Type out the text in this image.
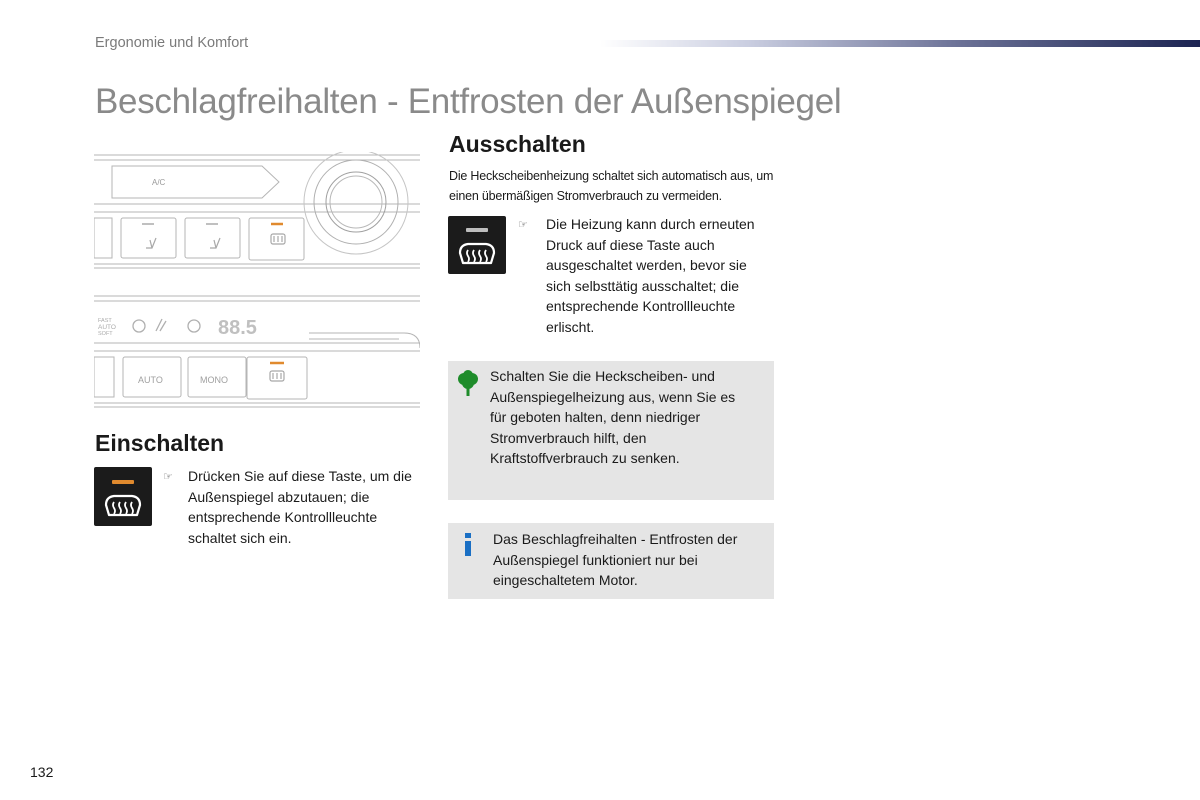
Ergonomie und Komfort
Beschlagfreihalten - Entfrosten der Außenspiegel
A/C
FAST
AUTO
SOFT	88.5
AUTO	MONO
Einschalten
☞ Drücken Sie auf diese Taste, um die Außenspiegel abzutauen; die entsprechende Kontrollleuchte schaltet sich ein.
Ausschalten
Die Heckscheibenheizung schaltet sich automatisch aus, um einen übermäßigen Stromverbrauch zu vermeiden.
☞ Die Heizung kann durch erneuten Druck auf diese Taste auch ausgeschaltet werden, bevor sie sich selbsttätig ausschaltet; die entsprechende Kontrollleuchte erlischt.
Schalten Sie die Heckscheiben- und Außenspiegelheizung aus, wenn Sie es für geboten halten, denn niedriger Stromverbrauch hilft, den Kraftstoffverbrauch zu senken.
Das Beschlagfreihalten - Entfrosten der Außenspiegel funktioniert nur bei eingeschaltetem Motor.
132
